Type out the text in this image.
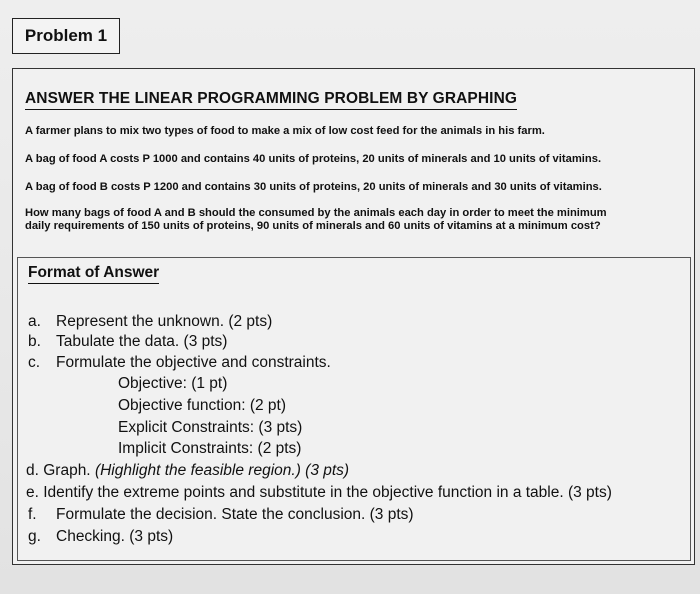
Problem 1
ANSWER THE LINEAR PROGRAMMING PROBLEM BY GRAPHING
A farmer plans to mix two types of food to make a mix of low cost feed for the animals in his farm.
A bag of food A costs P 1000 and contains 40 units of proteins, 20 units of minerals and 10 units of vitamins.
A bag of food B costs P 1200 and contains 30 units of proteins, 20 units of minerals and 30 units of vitamins.
How many bags of food A and B should the consumed by the animals each day in order to meet the minimum
daily requirements of 150 units of proteins, 90 units of minerals and 60 units of vitamins at a minimum cost?
Format of Answer
a. Represent the unknown. (2 pts)
b. Tabulate the data. (3 pts)
c. Formulate the objective and constraints.
Objective: (1 pt)
Objective function: (2 pt)
Explicit Constraints: (3 pts)
Implicit Constraints: (2 pts)
d. Graph. (Highlight the feasible region.) (3 pts)
e. Identify the extreme points and substitute in the objective function in a table. (3 pts)
f. Formulate the decision. State the conclusion. (3 pts)
g. Checking. (3 pts)
